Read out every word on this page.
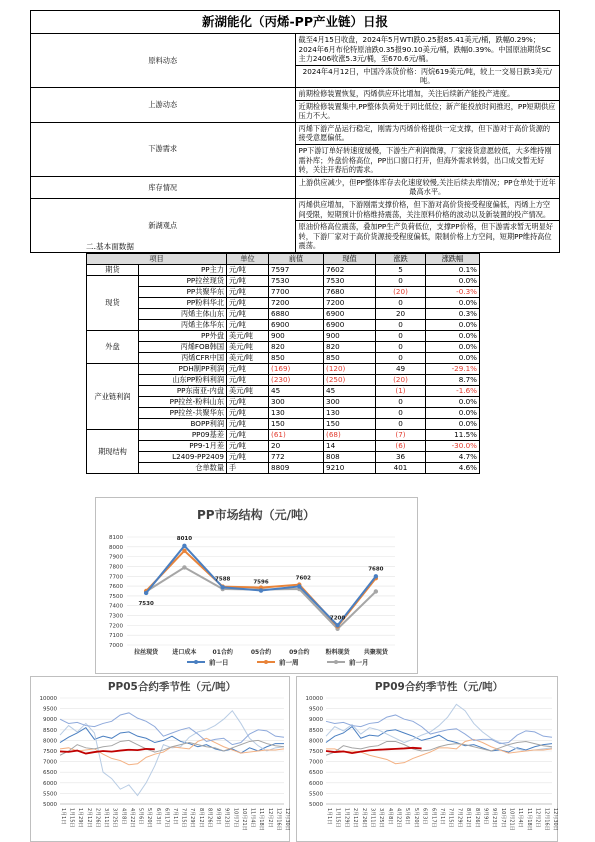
新湖能化（丙烯-PP产业链）日报	
原料动态	截至4月15日收盘，2024年5月WTI跌0.25报85.41美元/桶，跌幅0.29%；2024年6月布伦特原油跌0.35报90.10美元/桶，跌幅0.39%。中国原油期货SC主力2406收涨5.3元/桶，至670.6元/桶。
	2024年4月12日，中国冷冻货价格：丙烷619美元/吨，较上一交易日跌3美元/吨。
上游动态	前期检修装置恢复，丙烯供应环比增加，关注后续新产能投产进度。
	近期检修装置集中,PP整体负荷处于同比低位；新产能投放时间推迟，PP短期供应压力不大。
下游需求	丙烯下游产品运行稳定，刚需为丙烯价格提供一定支撑，但下游对于高价货源的接受意愿偏低。
	PP下游订单好转速度缓慢，下游生产利润微薄，厂家接货意愿较低，大多维持刚需补库；外盘价格高位，PP出口窗口打开，但海外需求转弱，出口成交暂无好转，关注开春后的需求。
库存情况	上游供应减少，但PP整体库存去化速度较慢,关注后续去库情况；PP仓单处于近年最高水平。
新湖观点	丙烯供应增加，下游刚需支撑价格，但下游对高价货接受程度偏低，丙烯上方空间受限，短期预计价格维持震荡，关注原料价格的波动以及新装置的投产情况。
	原油价格高位震荡，叠加PP生产负荷低位，支撑PP价格，但下游需求暂无明显好转，下游厂家对于高价货源接受程度偏低，限制价格上方空间，短期PP维持高位震荡。
二.基本面数据
项目		单位	前值	现值	涨跌	涨跌幅
期货	PP主力	元/吨	7597	7602	5	0.1%
现货	PP拉丝现货	元/吨	7530	7530	0	0.0%
	PP共聚华东	元/吨	7700	7680	(20)	-0.3%
	PP粉料华北	元/吨	7200	7200	0	0.0%
	丙烯主体山东	元/吨	6880	6900	20	0.3%
	丙烯主体华东	元/吨	6900	6900	0	0.0%
外盘	PP外盘	美元/吨	900	900	0	0.0%
	丙烯FOB韩国	美元/吨	820	820	0	0.0%
	丙烯CFR中国	美元/吨	850	850	0	0.0%
产业链利润	PDH制PP利润	元/吨	(169)	(120)	49	-29.1%
	山东PP粉料利润	元/吨	(230)	(250)	(20)	8.7%
	PP东南亚-内盘	美元/吨	45	45	(1)	-1.6%
	PP拉丝-粉料山东	元/吨	300	300	0	0.0%
	PP拉丝-共聚华东	元/吨	130	130	0	0.0%
	BOPP利润	元/吨	150	150	0	0.0%
期现结构	PP09基差	元/吨	(61)	(68)	(7)	11.5%
	PP9-1月差	元/吨	20	14	(6)	-30.0%
	L2409-PP2409	元/吨	772	808	36	4.7%
	仓单数量	手	8809	9210	401	4.6%
PP市场结构（元/吨）
7000
7100
7200
7300
7400
7500
7600
7700
7800
7900
8000
8100
拉丝现货 进口成本	01合约	05合约	09合约	粉料现货 共聚现货
7530
8010
7588
7596
7602
7200
7680
前一日	前一周	前一月
PP05合约季节性（元/吨）
5000
5500
6000
6500
7000
7500
8000
8500
9000
9500
10000
1月1日 1月15日 1月29日 2月12日 2月26日 3月11日 3月25日 4月8日 4月22日 5月6日 5月20日 6月3日 6月17日 7月1日 7月15日 7月29日 8月12日 8月26日 9月9日 9月23日 10月7日 10月21日 11月4日 11月18日 12月2日 12月16日 12月30日
PP09合约季节性（元/吨）
5000
5500
6000
6500
7000
7500
8000
8500
9000
9500
10000
1月1日 1月15日 1月29日 2月12日 2月26日 3月11日 3月25日 4月8日 4月22日 5月6日 5月20日 6月3日 6月17日 7月1日 7月15日 7月29日 8月12日 8月26日 9月9日 9月23日 10月7日 10月21日 11月4日 11月18日 12月2日 12月16日 12月30日
